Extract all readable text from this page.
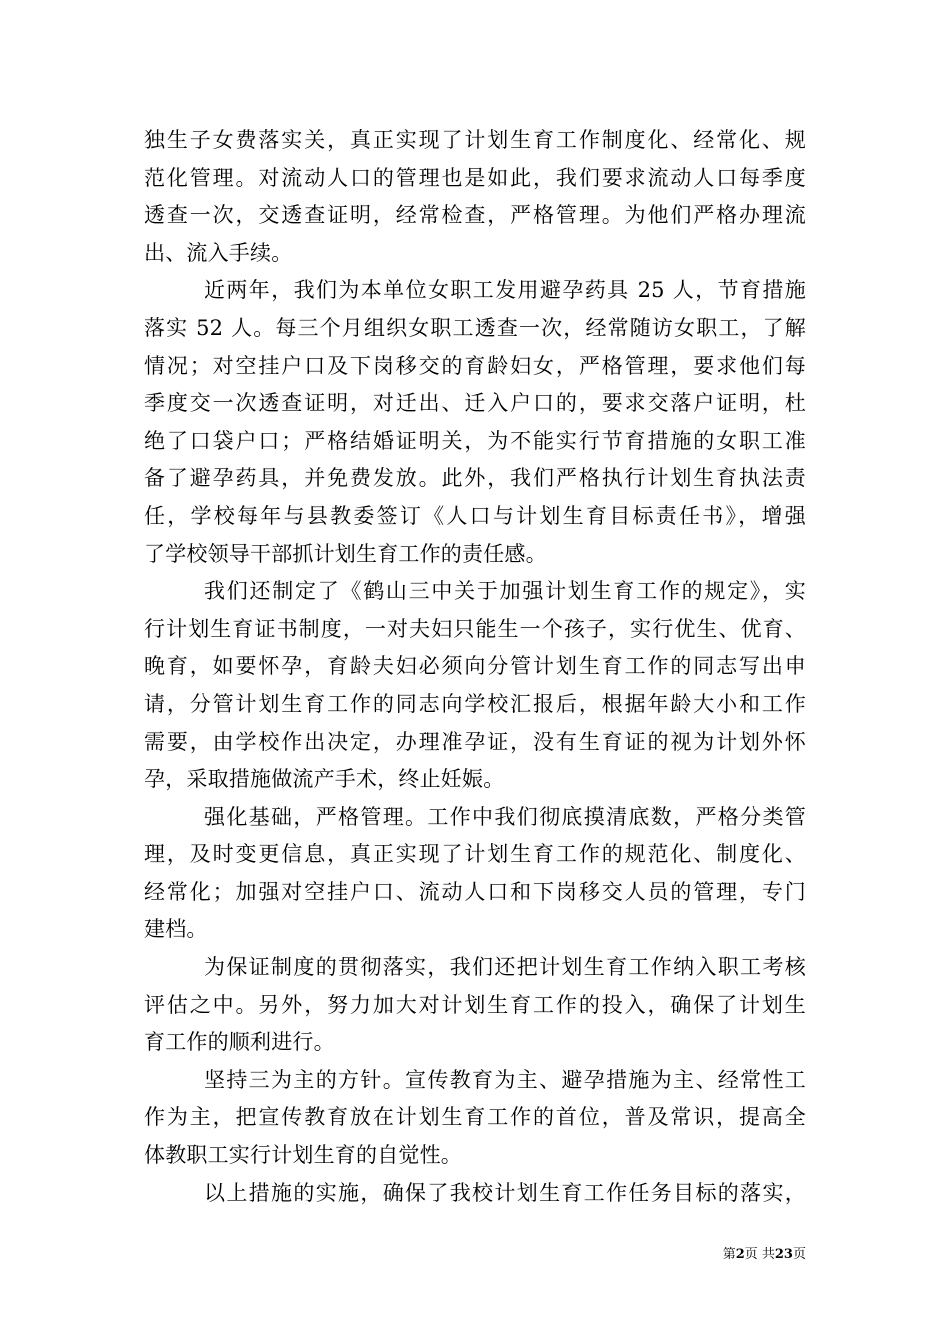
独生子女费落实关，真正实现了计划生育工作制度化、经常化、规
范化管理。对流动人口的管理也是如此，我们要求流动人口每季度
透查一次，交透查证明，经常检查，严格管理。为他们严格办理流
出、流入手续。
近两年，我们为本单位女职工发用避孕药具 25 人，节育措施
落实 52 人。每三个月组织女职工透查一次，经常随访女职工，了解
情况；对空挂户口及下岗移交的育龄妇女，严格管理，要求他们每
季度交一次透查证明，对迁出、迁入户口的，要求交落户证明，杜
绝了口袋户口；严格结婚证明关，为不能实行节育措施的女职工准
备了避孕药具，并免费发放。此外，我们严格执行计划生育执法责
任，学校每年与县教委签订《人口与计划生育目标责任书》，增强
了学校领导干部抓计划生育工作的责任感。
我们还制定了《鹤山三中关于加强计划生育工作的规定》，实
行计划生育证书制度，一对夫妇只能生一个孩子，实行优生、优育、
晚育，如要怀孕，育龄夫妇必须向分管计划生育工作的同志写出申
请，分管计划生育工作的同志向学校汇报后，根据年龄大小和工作
需要，由学校作出决定，办理准孕证，没有生育证的视为计划外怀
孕，采取措施做流产手术，终止妊娠。
强化基础，严格管理。工作中我们彻底摸清底数，严格分类管
理，及时变更信息，真正实现了计划生育工作的规范化、制度化、
经常化；加强对空挂户口、流动人口和下岗移交人员的管理，专门
建档。
为保证制度的贯彻落实，我们还把计划生育工作纳入职工考核
评估之中。另外，努力加大对计划生育工作的投入，确保了计划生
育工作的顺利进行。
坚持三为主的方针。宣传教育为主、避孕措施为主、经常性工
作为主，把宣传教育放在计划生育工作的首位，普及常识，提高全
体教职工实行计划生育的自觉性。
以上措施的实施，确保了我校计划生育工作任务目标的落实，
第2页 共23页
